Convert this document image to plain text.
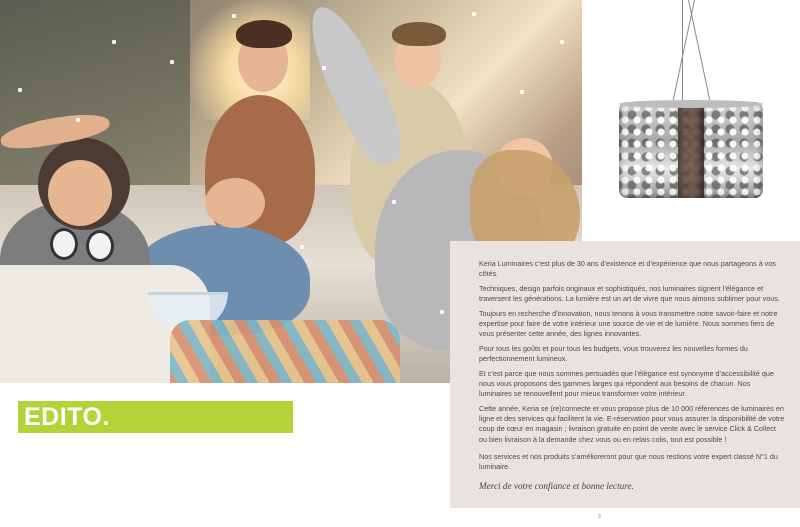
EDITO.

Keria Luminaires c’est plus de 30 ans d’existence et d’expérience que nous partageons à vos côtés.

Techniques, design parfois originaux et sophistiqués, nos luminaires signent l’élégance et traversent les générations. La lumière est un art de vivre que nous aimons sublimer pour vous.

Toujours en recherche d’innovation, nous tenons à vous transmettre notre savoir-faire et notre expertise pour faire de votre intérieur une source de vie et de lumière. Nous sommes fiers de vous présenter cette année, des lignes innovantes.

Pour tous les goûts et pour tous les budgets, vous trouverez les nouvelles formes du perfectionnement lumineux.

Et c’est parce que nous sommes persuadés que l’élégance est synonyme d’accessibilité que nous vous proposons des gammes larges qui répondent aux besoins de chacun. Nos luminaires se renouvellent pour mieux transformer votre intérieur.

Cette année, Keria se (re)connecte et vous propose plus de 10 000 références de luminaires en ligne et des services qui facilitent la vie. E-réservation pour vous assurer la disponibilité de votre coup de cœur en magasin ; livraison gratuite en point de vente avec le service Click & Collect ou bien livraison à la demande chez vous ou en relais colis, tout est possible !

Nos services et nos produits s’amélioreront pour que nous restions votre expert classé N°1 du luminaire.

Merci de votre confiance et bonne lecture.

3
